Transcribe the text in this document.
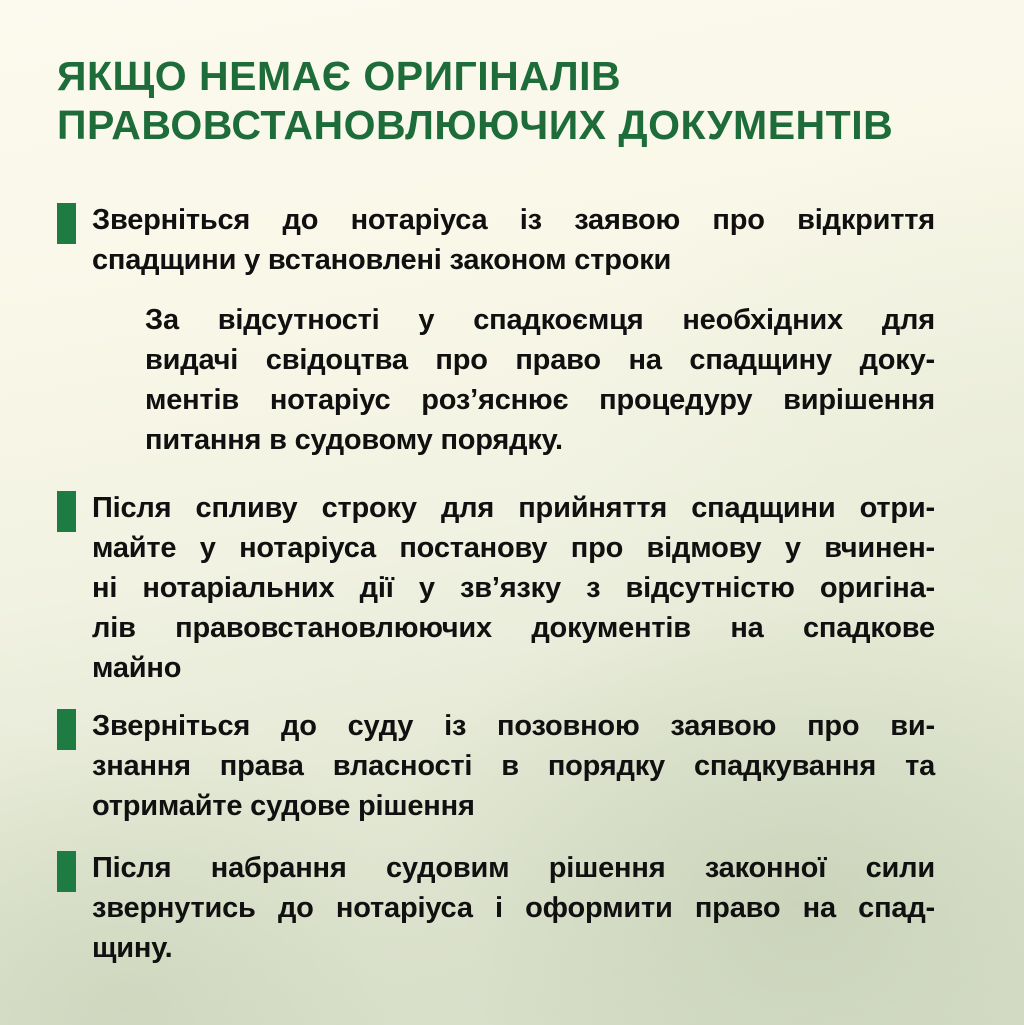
ЯКЩО НЕМАЄ ОРИГІНАЛІВ
ПРАВОВСТАНОВЛЮЮЧИХ ДОКУМЕНТІВ
Зверніться до нотаріуса із заявою про відкриття
спадщини у встановлені законом строки
За відсутності у спадкоємця необхідних для
видачі свідоцтва про право на спадщину доку-
ментів нотаріус роз’яснює процедуру вирішення
питання в судовому порядку.
Після спливу строку для прийняття спадщини отри-
майте у нотаріуса постанову про відмову у вчинен-
ні нотаріальних дії у зв’язку з відсутністю оригіна-
лів правовстановлюючих документів на спадкове
майно
Зверніться до суду із позовною заявою про ви-
знання права власності в порядку спадкування та
отримайте судове рішення
Після набрання судовим рішення законної сили
звернутись до нотаріуса і оформити право на спад-
щину.
